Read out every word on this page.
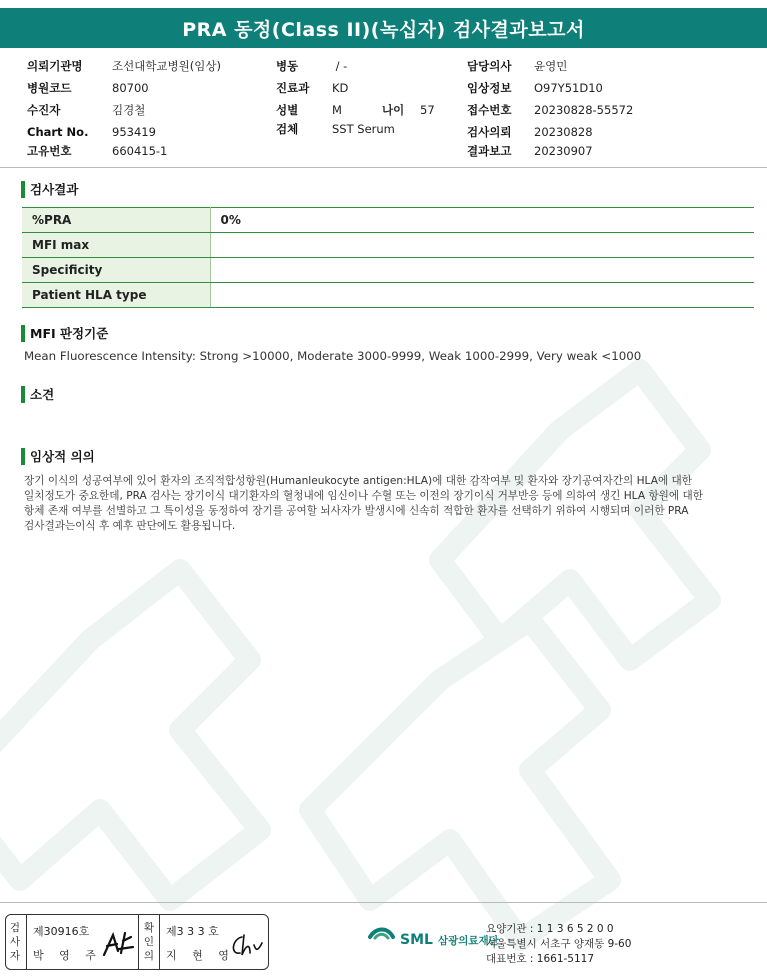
PRA 동정(Class II)(녹십자) 검사결과보고서
의뢰기관명	조선대학교병원(임상)
병원코드	80700
수진자	김경철
Chart No. 953419
고유번호	660415-1
병동	/ -
진료과 KD
성별	M	나이 57
검체	SST Serum
담당의사 윤영민
임상정보 O97Y51D10
접수번호 20230828-55572
검사의뢰 20230828
결과보고 20230907
검사결과
%PRA	0%
MFI max	
Specificity	
Patient HLA type	
MFI 판정기준
Mean Fluorescence Intensity: Strong >10000, Moderate 3000-9999, Weak 1000-2999, Very weak <1000
소견
임상적 의의
장기 이식의 성공여부에 있어 환자의 조직적합성항원(Humanleukocyte antigen:HLA)에 대한 감작여부 및 환자와 장기공여자간의 HLA에 대한
일치정도가 중요한데, PRA 검사는 장기이식 대기환자의 혈청내에 임신이나 수혈 또는 이전의 장기이식 거부반응 등에 의하여 생긴 HLA 항원에 대한
항체 존재 여부를 선별하고 그 특이성을 동정하여 장기를 공여할 뇌사자가 발생시에 신속히 적합한 환자를 선택하기 위하여 시행되며 이러한 PRA
검사결과는이식 후 예후 판단에도 활용됩니다.
검사자
제30916호
박 영 주
확인의
제3 3 3 호
지 현 영
SML 삼광의료재단
요양기관 : 1 1 3 6 5 2 0 0
서울특별시 서초구 양재동 9-60
대표번호 : 1661-5117
